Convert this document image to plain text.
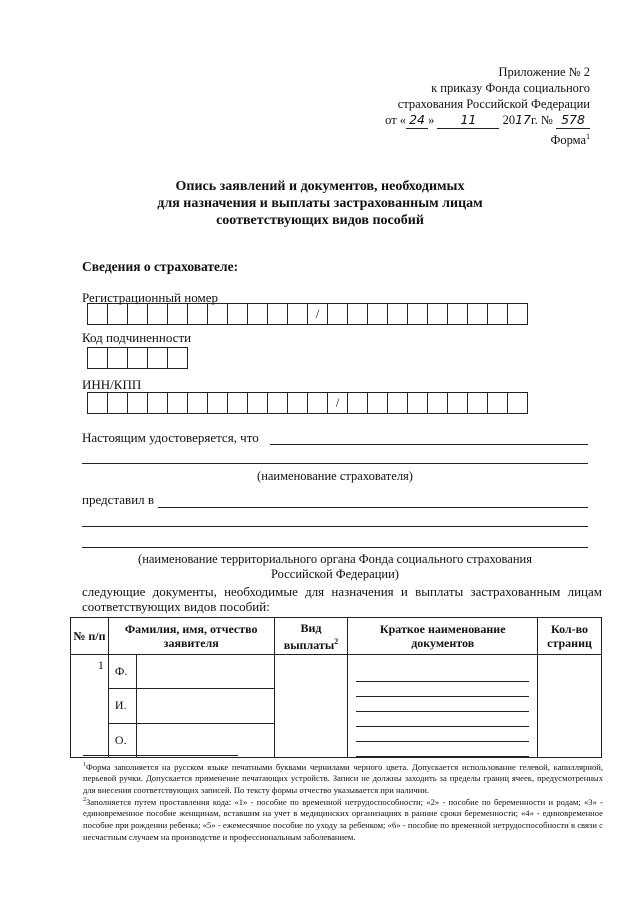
Приложение № 2
к приказу Фонда социального
страхования Российской Федерации
от « 24 » 11 2017г. № 578
Форма$^1$
Опись заявлений и документов, необходимых
для назначения и выплаты застрахованным лицам
соответствующих видов пособий
Сведения о страхователе:
Регистрационный номер
/
Код подчиненности
ИНН/КПП
/
Настоящим удостоверяется, что
(наименование страхователя)
представил в
(наименование территориального органа Фонда социального страхования
Российской Федерации)
следующие документы, необходимые для назначения и выплаты застрахованным лицам
соответствующих видов пособий:
№ п/п	Фамилия, имя, отчество заявителя		Вид выплаты$^2$	Краткое наименование документов	Кол-во страниц
1	Ф.			

	И.				
	О.				
$^1$Форма заполняется на русском языке печатными буквами чернилами черного цвета. Допускается использование гелевой, капиллярной, перьевой ручки. Допускается применение печатающих устройств. Записи не должны заходить за пределы границ ячеек, предусмотренных для внесения соответствующих записей. По тексту формы отчество указывается при наличии.
$^2$Заполняется путем проставления кода: «1» - пособие по временной нетрудоспособности; «2» - пособие по беременности и родам; «3» - единовременное пособие женщинам, вставшим на учет в медицинских организациях в ранние сроки беременности; «4» - единовременное пособие при рождении ребенка; «5» - ежемесячное пособие по уходу за ребенком; «6» - пособие по временной нетрудоспособности в связи с несчастным случаем на производстве и профессиональным заболеванием.
